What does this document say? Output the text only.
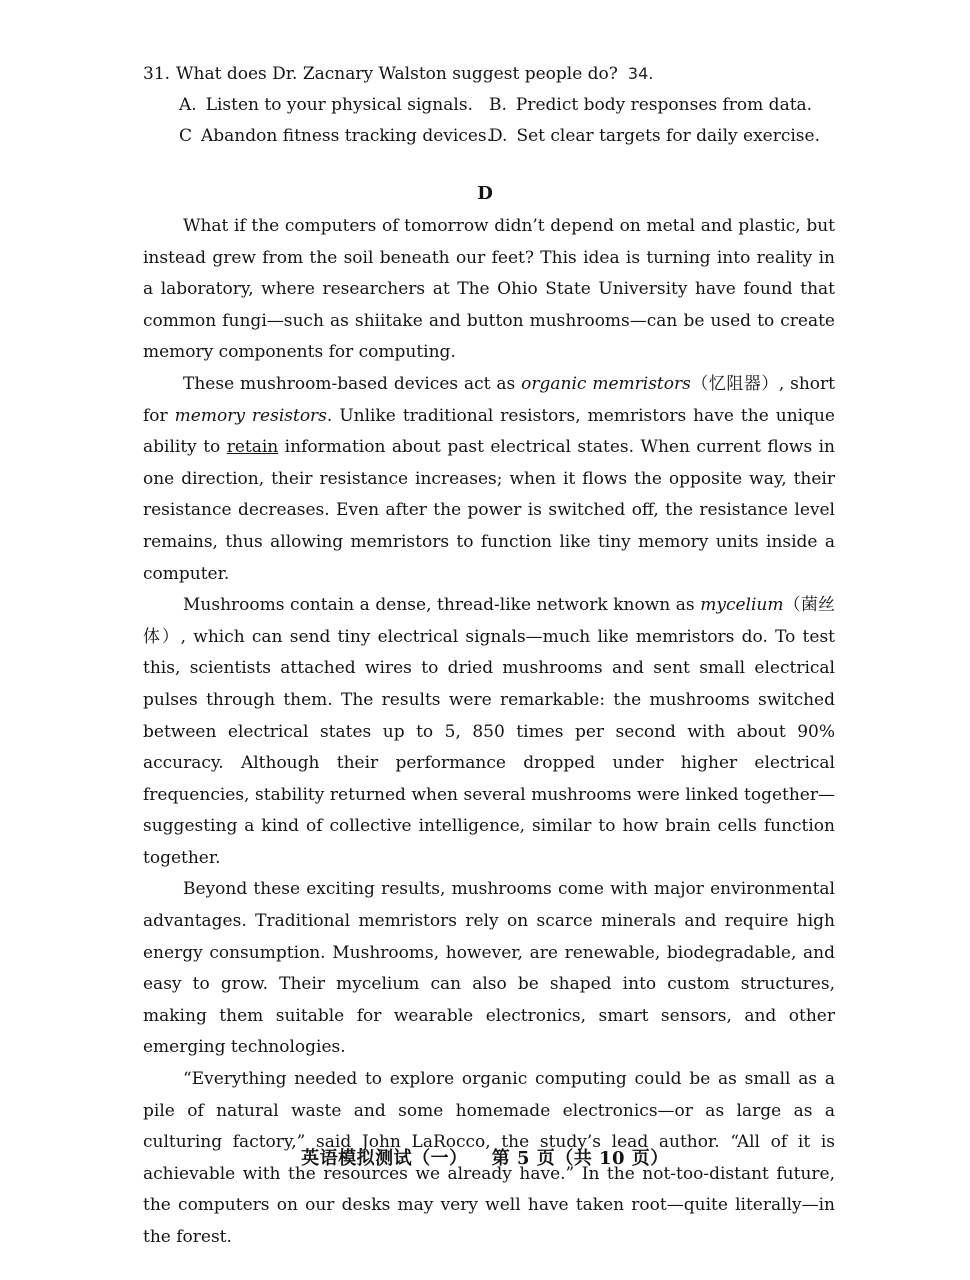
31. What does Dr. Zacnary Walston suggest people do? 34.
A. Listen to your physical signals. B. Predict body responses from data.
C Abandon fitness tracking devices.
D. Set clear targets for daily exercise.
D

What if the computers of tomorrow didn’t depend on metal and plastic, but instead grew from the soil beneath our feet? This idea is turning into reality in a laboratory, where researchers at The Ohio State University have found that common fungi—such as shiitake and button mushrooms—can be used to create memory components for computing.

These mushroom-based devices act as organic memristors（忆阻器）, short for memory resistors. Unlike traditional resistors, memristors have the unique ability to retain information about past electrical states. When current flows in one direction, their resistance increases; when it flows the opposite way, their resistance decreases. Even after the power is switched off, the resistance level remains, thus allowing memristors to function like tiny memory units inside a computer.

Mushrooms contain a dense, thread-like network known as mycelium（菌丝体）, which can send tiny electrical signals—much like memristors do. To test this, scientists attached wires to dried mushrooms and sent small electrical pulses through them. The results were remarkable: the mushrooms switched between electrical states up to 5, 850 times per second with about 90% accuracy. Although their performance dropped under higher electrical frequencies, stability returned when several mushrooms were linked together—suggesting a kind of collective intelligence, similar to how brain cells function together.

Beyond these exciting results, mushrooms come with major environmental advantages. Traditional memristors rely on scarce minerals and require high energy consumption. Mushrooms, however, are renewable, biodegradable, and easy to grow. Their mycelium can also be shaped into custom structures, making them suitable for wearable electronics, smart sensors, and other emerging technologies.

“Everything needed to explore organic computing could be as small as a pile of natural waste and some homemade electronics—or as large as a culturing factory,” said John LaRocco, the study’s lead author. “All of it is achievable with the resources we already have.” In the not-too-distant future, the computers on our desks may very well have taken root—quite literally—in the forest.

英语模拟测试（一） 第 5 页（共 10 页）
